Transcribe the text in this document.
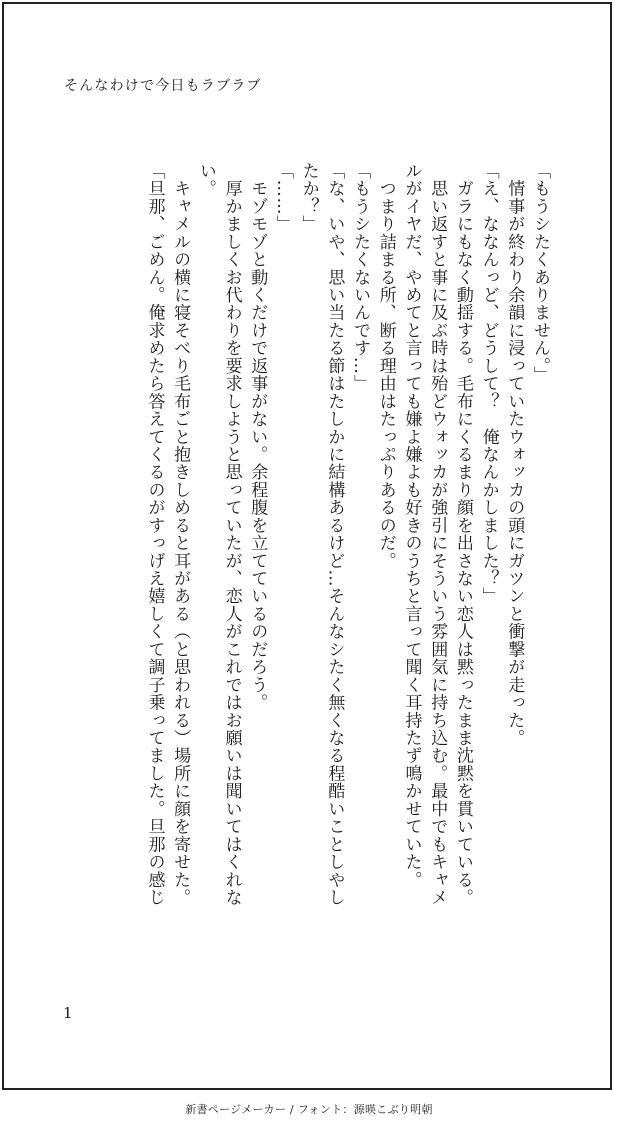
そんなわけで今日もラブラブ

「もうシたくありません。」

　情事が終わり余韻に浸っていたウォッカの頭にガツンと衝撃が走った。

「え、ななんっど、どうして？　俺なんかしました？」

　ガラにもなく動揺する。毛布にくるまり顔を出さない恋人は黙ったまま沈黙を貫いている。

　思い返すと事に及ぶ時は殆どウォッカが強引にそういう雰囲気に持ち込む。最中でもキャメルがイヤだ、やめてと言っても嫌よ嫌よも好きのうちと言って聞く耳持たず鳴かせていた。

　つまり詰まる所、断る理由はたっぷりあるのだ。

「もうシたくないんです…」

「な、いや、思い当たる節はたしかに結構あるけど…そんなシたく無くなる程酷いことしやしたか？」

「……」

　モゾモゾと動くだけで返事がない。余程腹を立てているのだろう。

　厚かましくお代わりを要求しようと思っていたが、恋人がこれではお願いは聞いてはくれない。

　キャメルの横に寝そべり毛布ごと抱きしめると耳がある（と思われる）場所に顔を寄せた。

「旦那、ごめん。俺求めたら答えてくるのがすっげえ嬉しくて調子乗ってました。旦那の感じ

1
新書ページメーカー / フォント：源暎こぶり明朝
